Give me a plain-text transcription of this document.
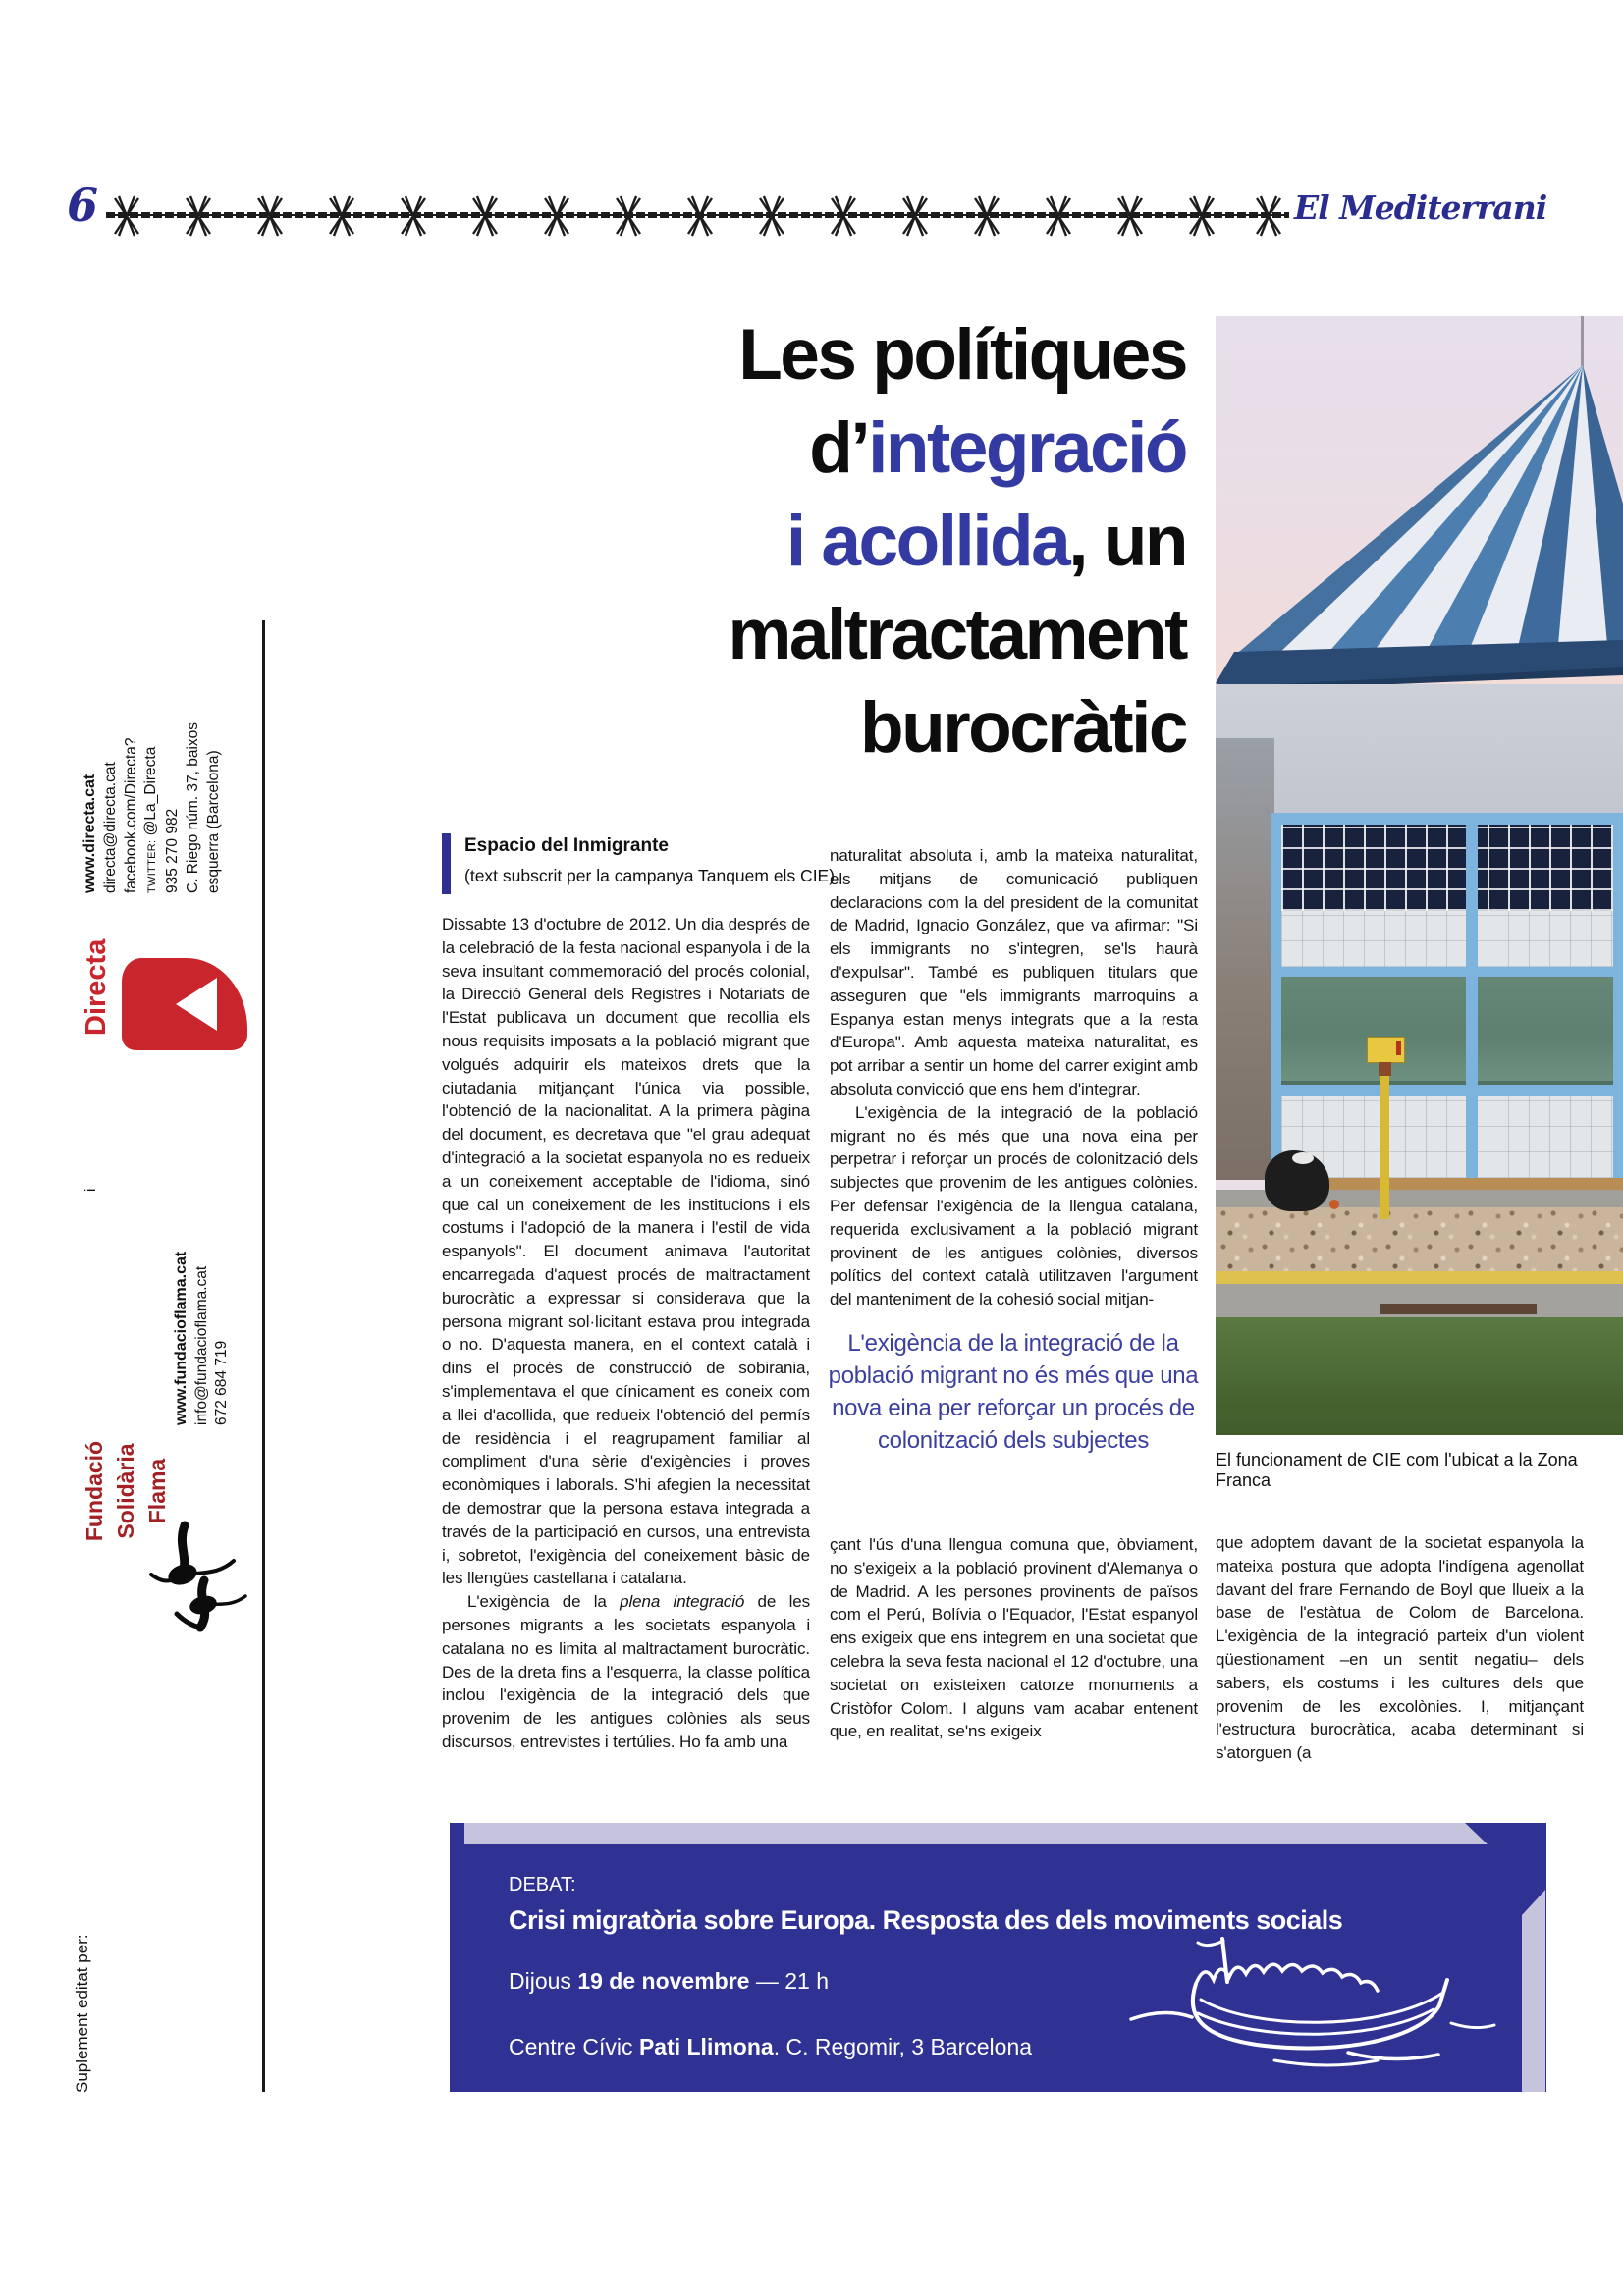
6	El Mediterrani
Les polítiques
d’integració
i acollida, un
maltractament
burocràtic
Espacio del Inmigrante
(text subscrit per la campanya Tanquem els CIE)

Dissabte 13 d'octubre de 2012. Un dia després de la celebració de la festa nacional espanyola i de la seva insultant commemoració del procés colonial, la Direcció General dels Registres i Notariats de l'Estat publicava un document que recollia els nous requisits imposats a la població migrant que volgués adquirir els mateixos drets que la ciutadania mitjançant l'única via possible, l'obtenció de la nacionalitat. A la primera pàgina del document, es decretava que "el grau adequat d'integració a la societat espanyola no es redueix a un coneixement acceptable de l'idioma, sinó que cal un coneixement de les institucions i els costums i l'adopció de la manera i l'estil de vida espanyols". El document animava l'autoritat encarregada d'aquest procés de maltractament burocràtic a expressar si considerava que la persona migrant sol·licitant estava prou integrada o no. D'aquesta manera, en el context català i dins el procés de construcció de sobirania, s'implementava el que cínicament es coneix com a llei d'acollida, que redueix l'obtenció del permís de residència i el reagrupament familiar al compliment d'una sèrie d'exigències i proves econòmiques i laborals. S'hi afegien la necessitat de demostrar que la persona estava integrada a través de la participació en cursos, una entrevista i, sobretot, l'exigència del coneixement bàsic de les llengües castellana i catalana.

L'exigència de la plena integració de les persones migrants a les societats espanyola i catalana no es limita al maltractament burocràtic. Des de la dreta fins a l'esquerra, la classe política inclou l'exigència de la integració dels que provenim de les antigues colònies als seus discursos, entrevistes i tertúlies. Ho fa amb una

naturalitat absoluta i, amb la mateixa naturalitat, els mitjans de comunicació publiquen declaracions com la del president de la comunitat de Madrid, Ignacio González, que va afirmar: "Si els immigrants no s'integren, se'ls haurà d'expulsar". També es publiquen titulars que asseguren que "els immigrants marroquins a Espanya estan menys integrats que a la resta d'Europa". Amb aquesta mateixa naturalitat, es pot arribar a sentir un home del carrer exigint amb absoluta convicció que ens hem d'integrar.

L'exigència de la integració de la població migrant no és més que una nova eina per perpetrar i reforçar un procés de colonització dels subjectes que provenim de les antigues colònies. Per defensar l'exigència de la llengua catalana, requerida exclusivament a la població migrant provinent de les antigues colònies, diversos polítics del context català utilitzaven l'argument del manteniment de la cohesió social mitjan-

L'exigència de la integració de la població migrant no és més que una nova eina per reforçar un procés de colonització dels subjectes

çant l'ús d'una llengua comuna que, òbviament, no s'exigeix a la població provinent d'Alemanya o de Madrid. A les persones provinents de països com el Perú, Bolívia o l'Equador, l'Estat espanyol ens exigeix que ens integrem en una societat que celebra la seva festa nacional el 12 d'octubre, una societat on existeixen catorze monuments a Cristòfor Colom. I alguns vam acabar entenent que, en realitat, se'ns exigeix

que adoptem davant de la societat espanyola la mateixa postura que adopta l'indígena agenollat davant del frare Fernando de Boyl que llueix a la base de l'estàtua de Colom de Barcelona. L'exigència de la integració parteix d'un violent qüestionament –en un sentit negatiu– dels sabers, els costums i les cultures dels que provenim de les excolònies. I, mitjançant l'estructura burocràtica, acaba determinant si s'atorguen (a

El funcionament de CIE com l'ubicat a la Zona Franca
www.directa.cat directa@directa.cat facebook.com/Directa? TWITTER: @La_Directa
935 270 982 C. Riego núm. 37, baixos esquerra (Barcelona)
Directa
i
www.fundacioflama.cat info@fundacioflama.cat 672 684 719
Fundació Solidària Flama
Suplement editat per:
DEBAT:
Crisi migratòria sobre Europa. Resposta des dels moviments socials
Dijous 19 de novembre — 21 h
Centre Cívic Pati Llimona. C. Regomir, 3 Barcelona
